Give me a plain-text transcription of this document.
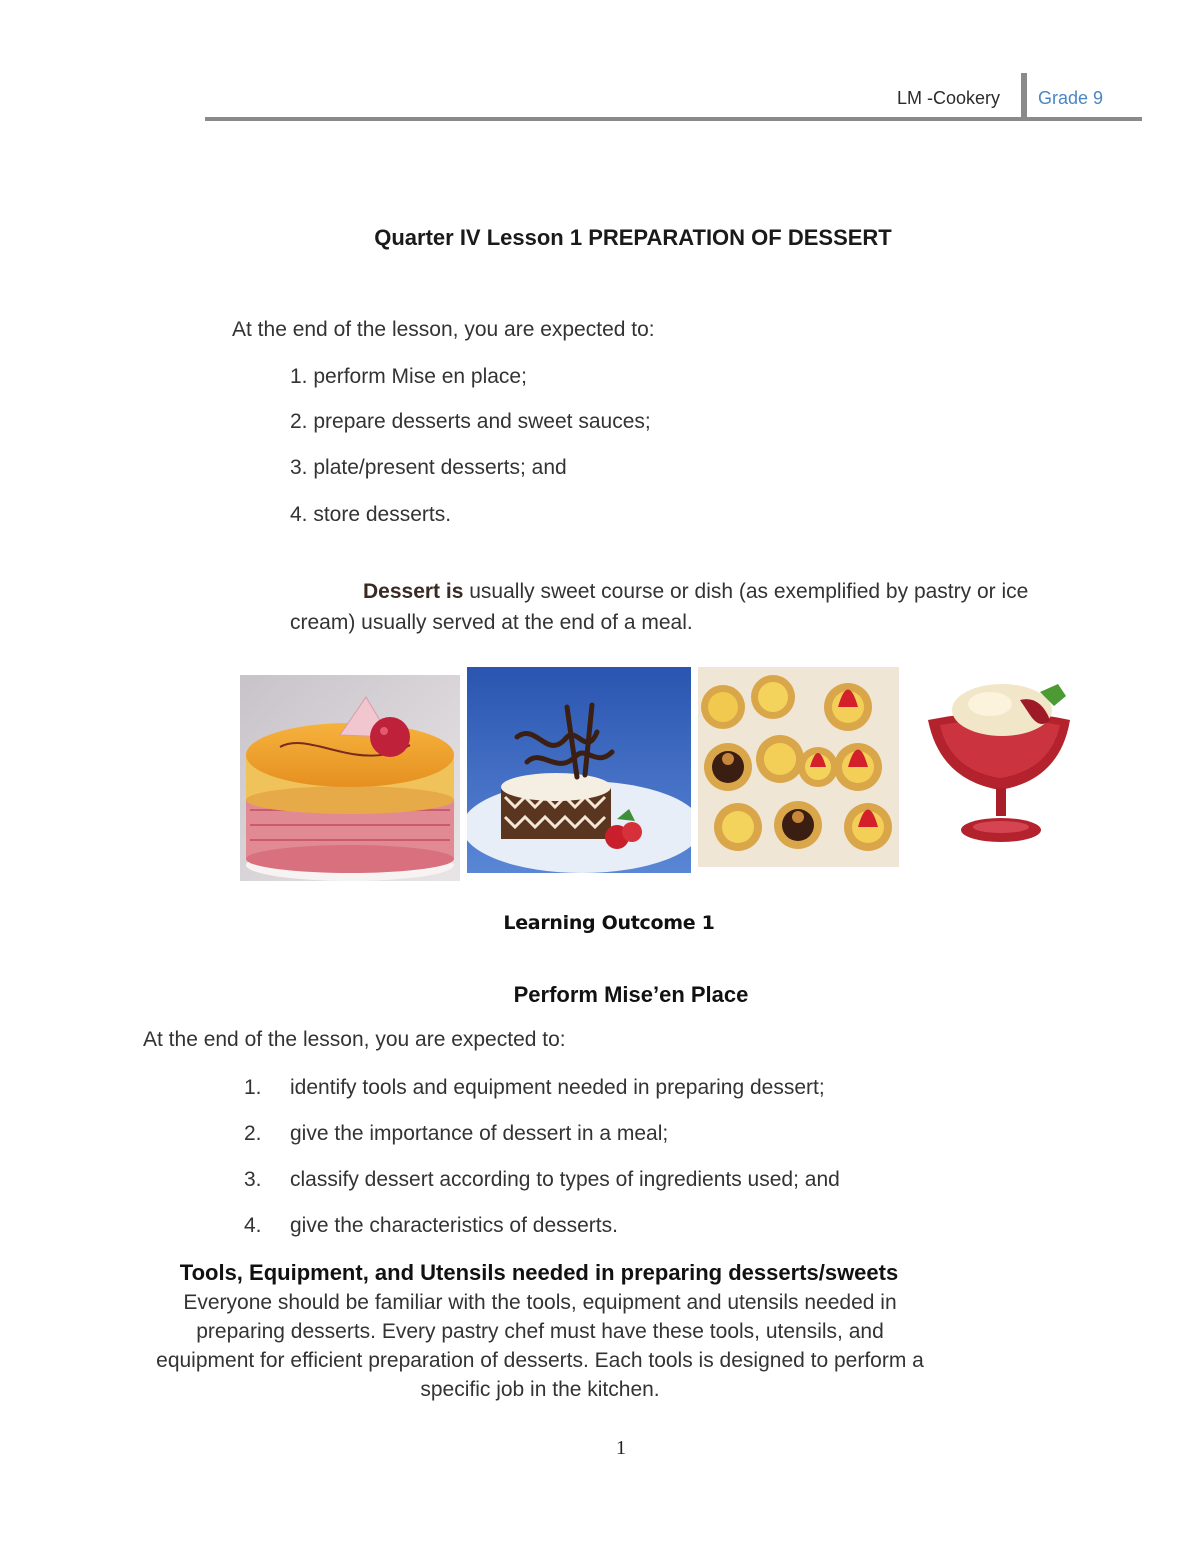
LM -Cookery Grade 9
Quarter IV Lesson 1 PREPARATION OF DESSERT
At the end of the lesson, you are expected to:
1. perform Mise en place;
2. prepare desserts and sweet sauces;
3. plate/present desserts; and
4. store desserts.
Dessert is usually sweet course or dish (as exemplified by pastry or ice cream) usually served at the end of a meal.
Learning Outcome 1
Perform Mise’en Place
At the end of the lesson, you are expected to:
1.	identify tools and equipment needed in preparing dessert;
2.	give the importance of dessert in a meal;
3.	classify dessert according to types of ingredients used; and
4.	give the characteristics of desserts.
Tools, Equipment, and Utensils needed in preparing desserts/sweets
Everyone should be familiar with the tools, equipment and utensils needed in
preparing desserts. Every pastry chef must have these tools, utensils, and
equipment for efficient preparation of desserts. Each tools is designed to perform a
specific job in the kitchen.
1
